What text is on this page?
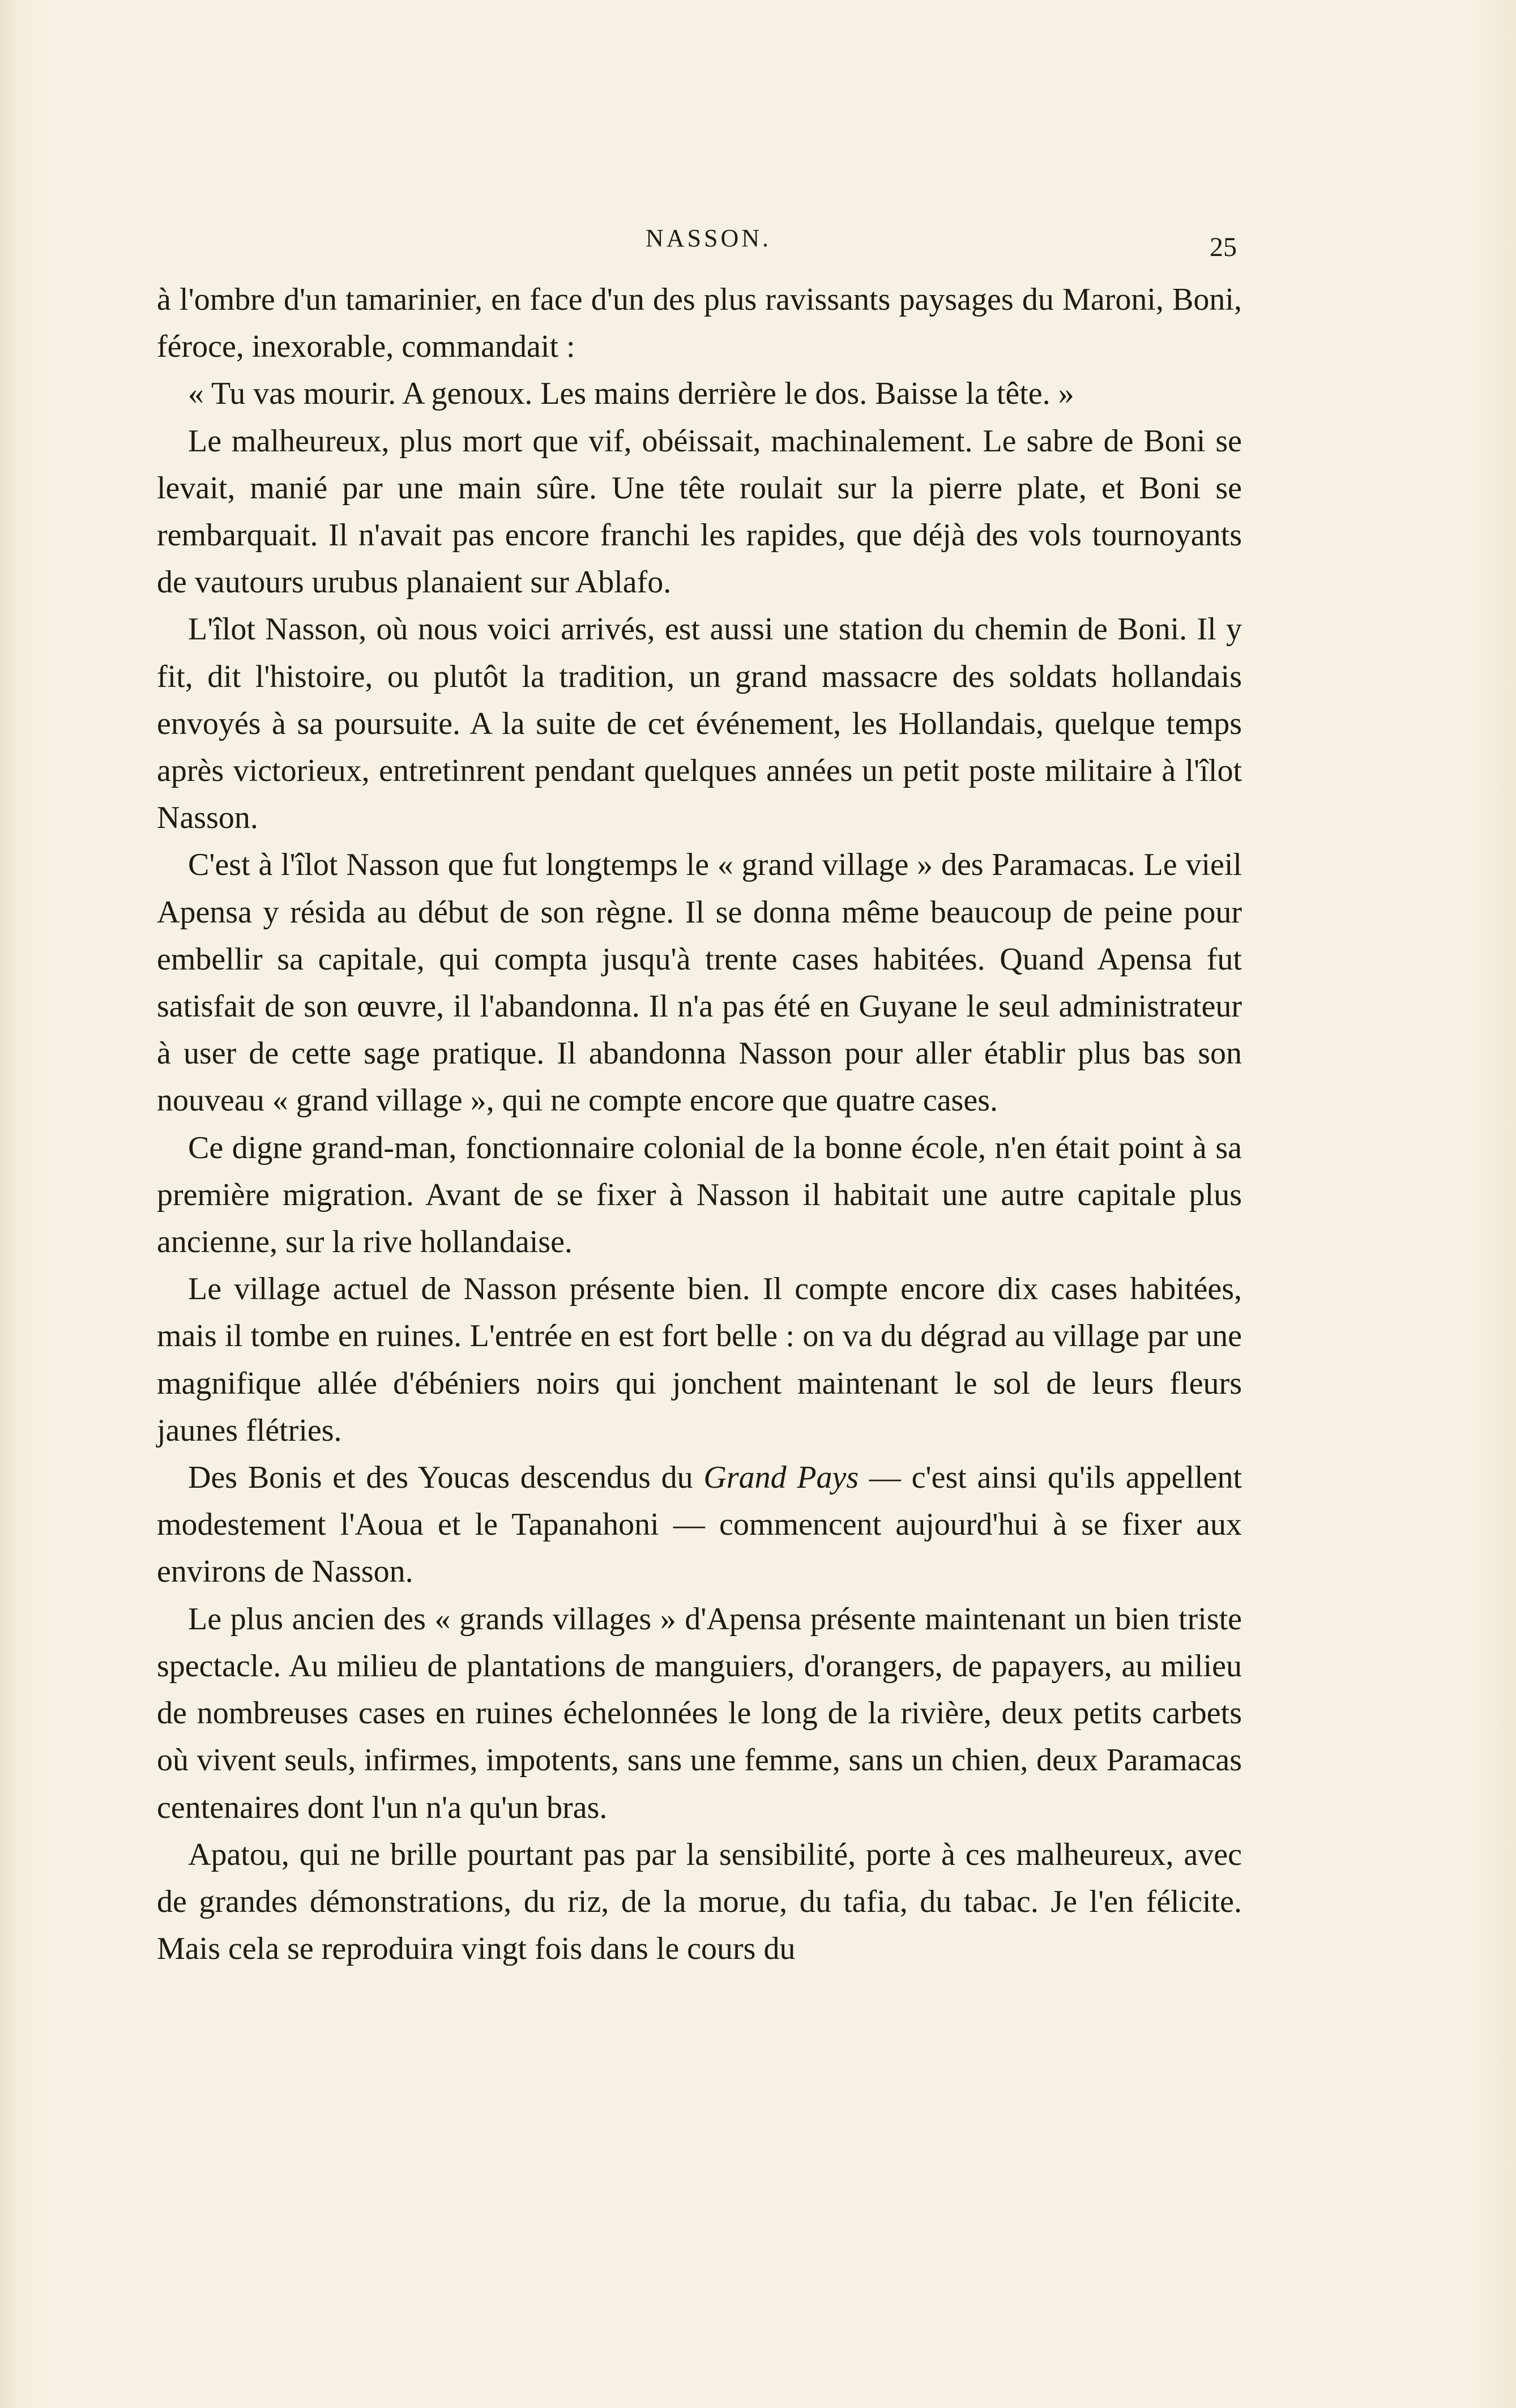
NASSON.	25

à l'ombre d'un tamarinier, en face d'un des plus ravissants paysages du Maroni, Boni, féroce, inexorable, commandait :

« Tu vas mourir. A genoux. Les mains derrière le dos. Baisse la tête. »

Le malheureux, plus mort que vif, obéissait, machinalement. Le sabre de Boni se levait, manié par une main sûre. Une tête roulait sur la pierre plate, et Boni se rembarquait. Il n'avait pas encore franchi les rapides, que déjà des vols tournoyants de vautours urubus planaient sur Ablafo.

L'îlot Nasson, où nous voici arrivés, est aussi une station du chemin de Boni. Il y fit, dit l'histoire, ou plutôt la tradition, un grand massacre des soldats hollandais envoyés à sa poursuite. A la suite de cet événement, les Hollandais, quelque temps après victorieux, entretinrent pendant quelques années un petit poste militaire à l'îlot Nasson.

C'est à l'îlot Nasson que fut longtemps le « grand village » des Paramacas. Le vieil Apensa y résida au début de son règne. Il se donna même beaucoup de peine pour embellir sa capitale, qui compta jusqu'à trente cases habitées. Quand Apensa fut satisfait de son œuvre, il l'abandonna. Il n'a pas été en Guyane le seul administrateur à user de cette sage pratique. Il abandonna Nasson pour aller établir plus bas son nouveau « grand village », qui ne compte encore que quatre cases.

Ce digne grand-man, fonctionnaire colonial de la bonne école, n'en était point à sa première migration. Avant de se fixer à Nasson il habitait une autre capitale plus ancienne, sur la rive hollandaise.

Le village actuel de Nasson présente bien. Il compte encore dix cases habitées, mais il tombe en ruines. L'entrée en est fort belle : on va du dégrad au village par une magnifique allée d'ébéniers noirs qui jonchent maintenant le sol de leurs fleurs jaunes flétries.

Des Bonis et des Youcas descendus du Grand Pays — c'est ainsi qu'ils appellent modestement l'Aoua et le Tapanahoni — commencent aujourd'hui à se fixer aux environs de Nasson.

Le plus ancien des « grands villages » d'Apensa présente maintenant un bien triste spectacle. Au milieu de plantations de manguiers, d'orangers, de papayers, au milieu de nombreuses cases en ruines échelonnées le long de la rivière, deux petits carbets où vivent seuls, infirmes, impotents, sans une femme, sans un chien, deux Paramacas centenaires dont l'un n'a qu'un bras.

Apatou, qui ne brille pourtant pas par la sensibilité, porte à ces malheureux, avec de grandes démonstrations, du riz, de la morue, du tafia, du tabac. Je l'en félicite. Mais cela se reproduira vingt fois dans le cours du
